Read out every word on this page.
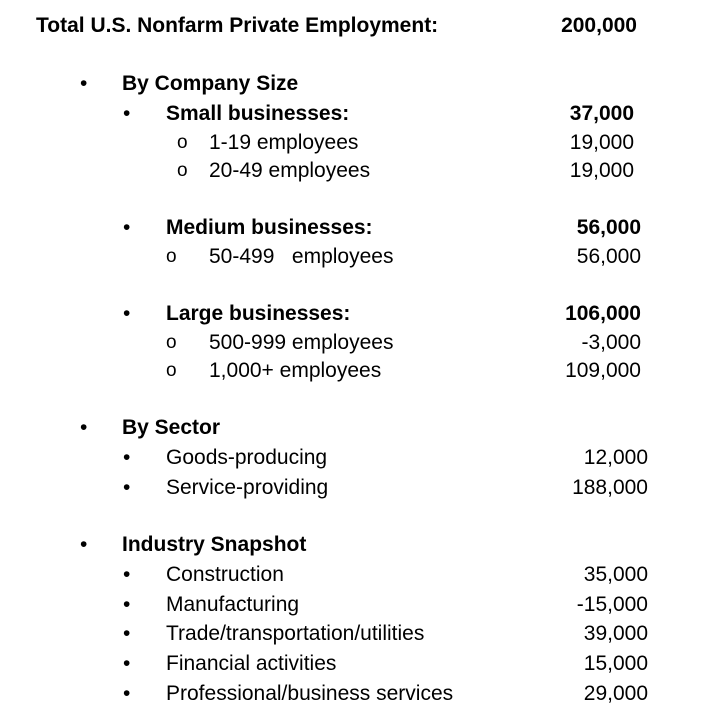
Total U.S. Nonfarm Private Employment:	200,000
• By Company Size
• Small businesses:	37,000
o 1-19 employees	19,000
o 20-49 employees	19,000
• Medium businesses:	56,000
o 50-499   employees	56,000
• Large businesses:	106,000
o 500-999 employees	-3,000
o 1,000+ employees	109,000
• By Sector
• Goods-producing	12,000
• Service-providing	188,000
• Industry Snapshot
• Construction	35,000
• Manufacturing	-15,000
• Trade/transportation/utilities	39,000
• Financial activities	15,000
• Professional/business services	29,000
